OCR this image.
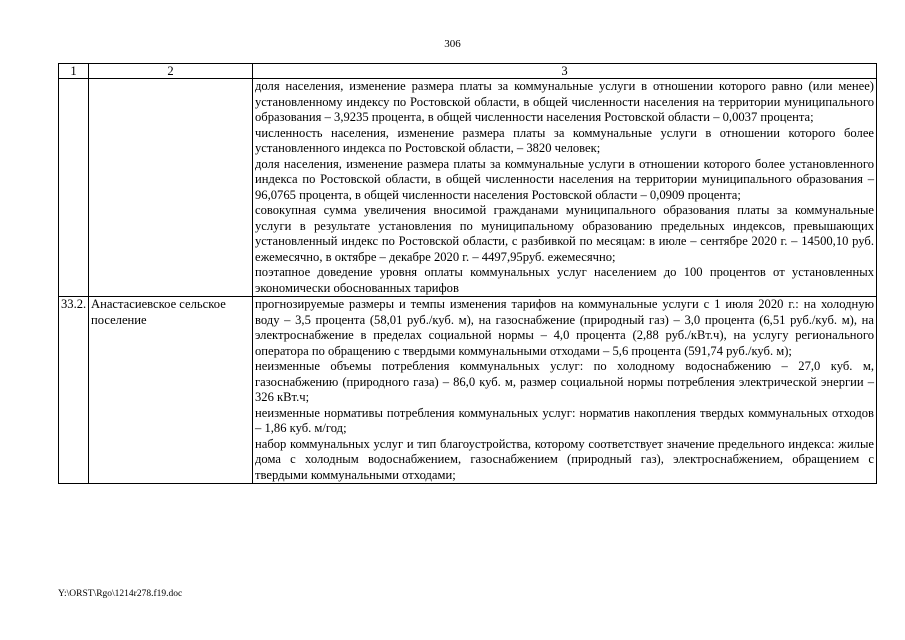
306
1	2	3

		доля населения, изменение размера платы за коммунальные услуги в отношении которого равно (или менее) установленному индексу по Ростовской области, в общей численности населения на территории муниципального образования – 3,9235 процента, в общей численности населения Ростовской области – 0,0037 процента;

численность населения, изменение размера платы за коммунальные услуги в отношении которого более установленного индекса по Ростовской области, – 3820 человек;

доля населения, изменение размера платы за коммунальные услуги в отношении которого более установленного индекса по Ростовской области, в общей численности населения на территории муниципального образования – 96,0765 процента, в общей численности населения Ростовской области – 0,0909 процента;

совокупная сумма увеличения вносимой гражданами муниципального образования платы за коммунальные услуги в результате установления по муниципальному образованию предельных индексов, превышающих установленный индекс по Ростовской области, с разбивкой по месяцам: в июле – сентябре 2020 г. – 14500,10 руб. ежемесячно, в октябре – декабре 2020 г. – 4497,95руб. ежемесячно;

поэтапное доведение уровня оплаты коммунальных услуг населением до 100 процентов от установленных экономически обоснованных тарифов

33.2.	Анастасиевское сельское поселение	прогнозируемые размеры и темпы изменения тарифов на коммунальные услуги с 1 июля 2020 г.: на холодную воду – 3,5 процента (58,01 руб./куб. м), на газоснабжение (природный газ) – 3,0 процента (6,51 руб./куб. м), на электроснабжение в пределах социальной нормы – 4,0 процента (2,88 руб./кВт.ч), на услугу регионального оператора по обращению с твердыми коммунальными отходами – 5,6 процента (591,74 руб./куб. м);

неизменные объемы потребления коммунальных услуг: по холодному водоснабжению – 27,0 куб. м, газоснабжению (природного газа) – 86,0 куб. м, размер социальной нормы потребления электрической энергии – 326 кВт.ч;

неизменные нормативы потребления коммунальных услуг: норматив накопления твердых коммунальных отходов – 1,86 куб. м/год;

набор коммунальных услуг и тип благоустройства, которому соответствует значение предельного индекса: жилые дома с холодным водоснабжением, газоснабжением (природный газ), электроснабжением, обращением с твердыми коммунальными отходами;

Y:\ORST\Rgo\1214r278.f19.doc
